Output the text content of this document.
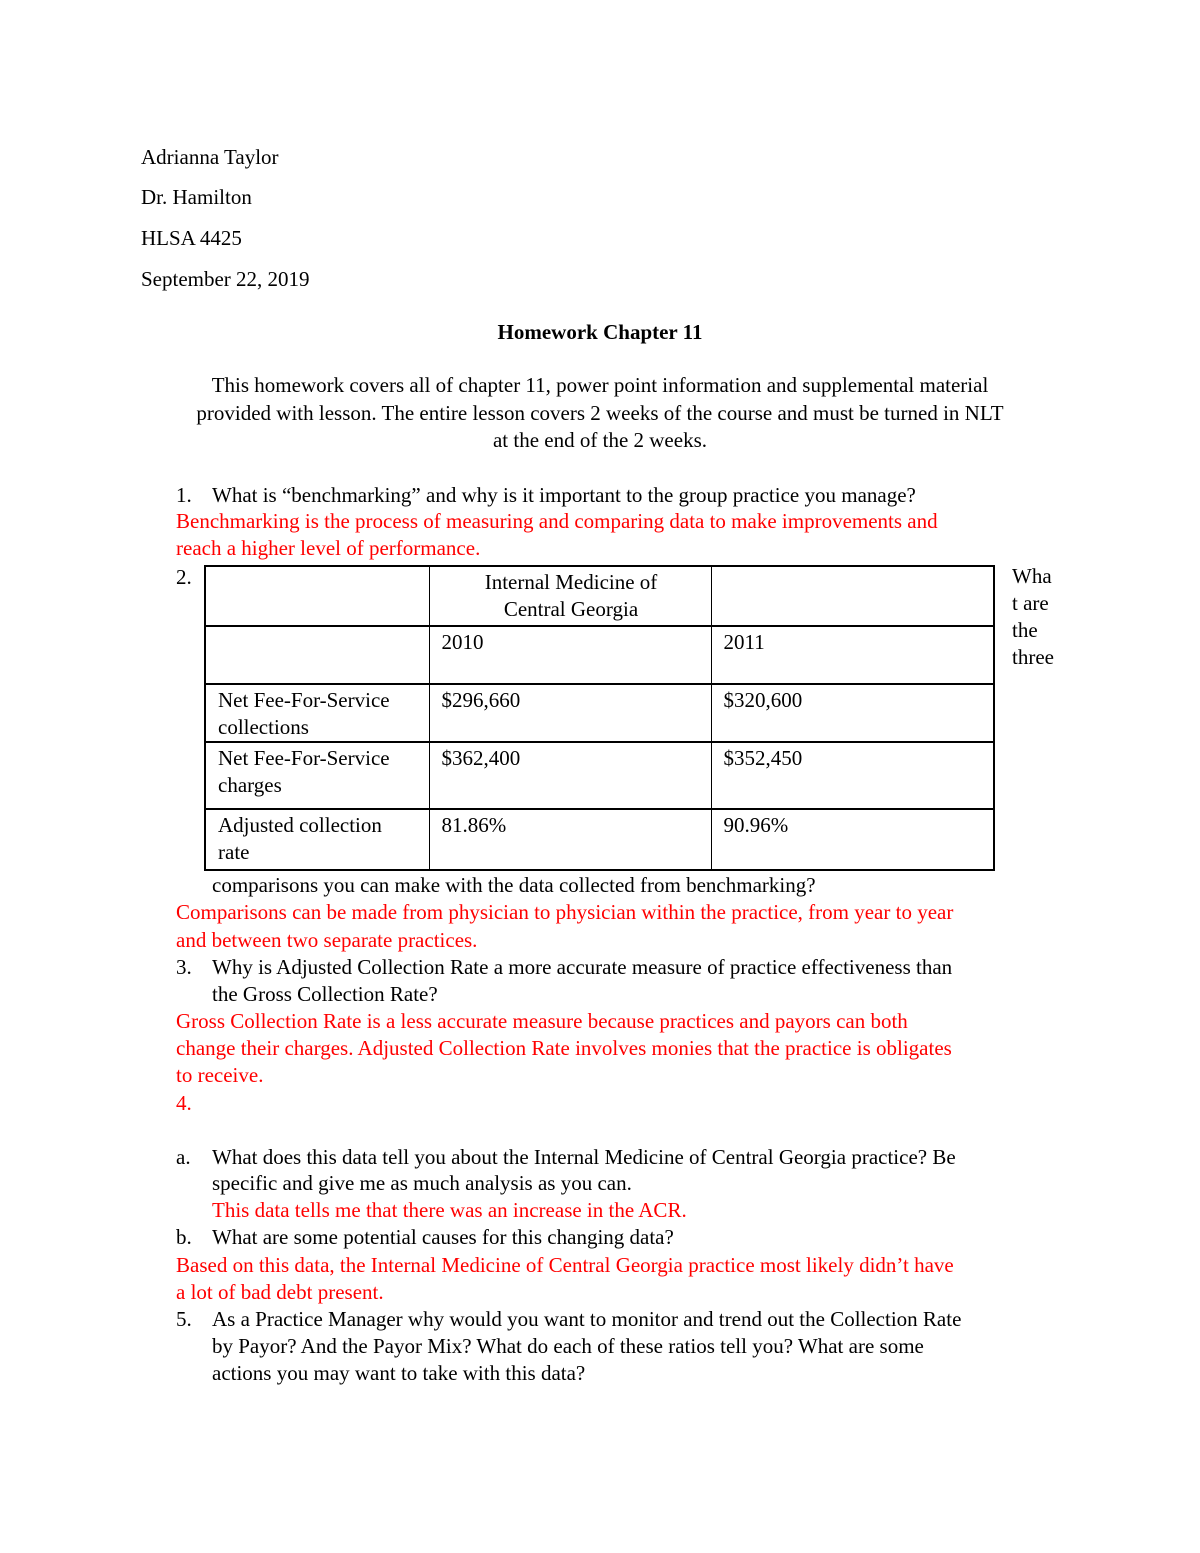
Adrianna Taylor
Dr. Hamilton
HLSA 4425
September 22, 2019
Homework Chapter 11
This homework covers all of chapter 11, power point information and supplemental material
provided with lesson. The entire lesson covers 2 weeks of the course and must be turned in NLT
at the end of the 2 weeks.
1. What is “benchmarking” and why is it important to the group practice you manage?
Benchmarking is the process of measuring and comparing data to make improvements and
reach a higher level of performance.
2.

	Internal Medicine of
Central Georgia	

	2010	2011

Net Fee-For-Service
collections	$296,660	$320,600

Net Fee-For-Service
charges	$362,400	$352,450

Adjusted collection
rate	81.86%	90.96%
Wha
t are
the
three
comparisons you can make with the data collected from benchmarking?
Comparisons can be made from physician to physician within the practice, from year to year
and between two separate practices.
3. Why is Adjusted Collection Rate a more accurate measure of practice effectiveness than
the Gross Collection Rate?
Gross Collection Rate is a less accurate measure because practices and payors can both
change their charges. Adjusted Collection Rate involves monies that the practice is obligates
to receive.
4.
a. What does this data tell you about the Internal Medicine of Central Georgia practice? Be
specific and give me as much analysis as you can.
This data tells me that there was an increase in the ACR.
b. What are some potential causes for this changing data?
Based on this data, the Internal Medicine of Central Georgia practice most likely didn’t have
a lot of bad debt present.
5. As a Practice Manager why would you want to monitor and trend out the Collection Rate
by Payor? And the Payor Mix? What do each of these ratios tell you? What are some
actions you may want to take with this data?
